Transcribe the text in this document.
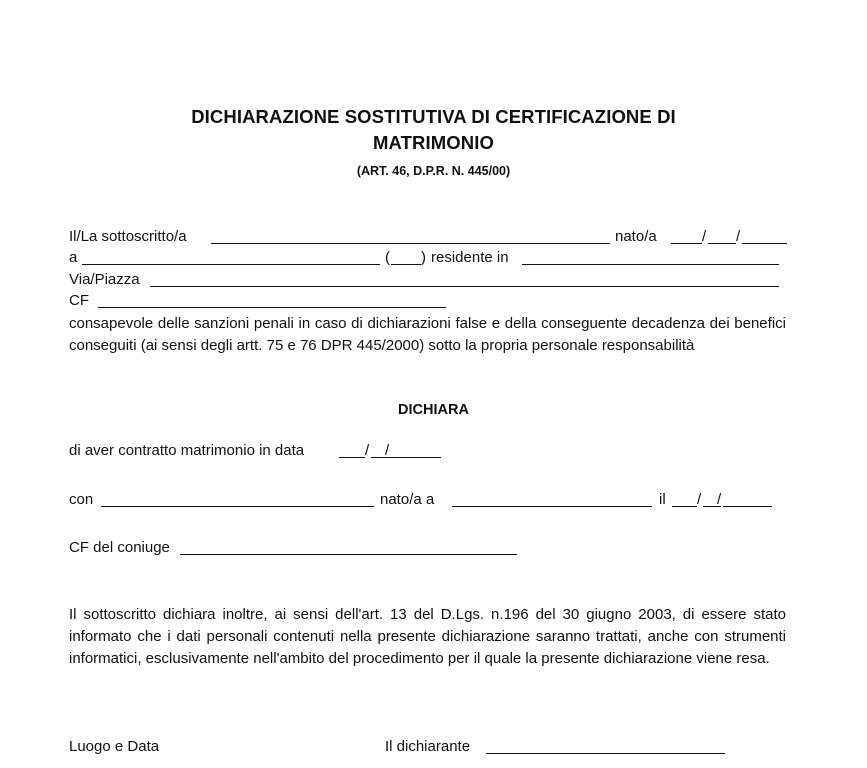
DICHIARAZIONE SOSTITUTIVA DI CERTIFICAZIONE DI
MATRIMONIO
(ART. 46, D.P.R. N. 445/00)
Il/La sottoscritto/a	nato/a	/ /
a	( ) residente in
Via/Piazza
CF
consapevole delle sanzioni penali in caso di dichiarazioni false e della conseguente decadenza dei benefici conseguiti (ai sensi degli artt. 75 e 76 DPR 445/2000) sotto la propria personale responsabilità
DICHIARA
di aver contratto matrimonio in data	/ /
con	nato/a a	il / /
CF del coniuge
Il sottoscritto dichiara inoltre, ai sensi dell'art. 13 del D.Lgs. n.196 del 30 giugno 2003, di essere stato informato che i dati personali contenuti nella presente dichiarazione saranno trattati, anche con strumenti informatici, esclusivamente nell'ambito del procedimento per il quale la presente dichiarazione viene resa.
Luogo e Data	Il dichiarante
